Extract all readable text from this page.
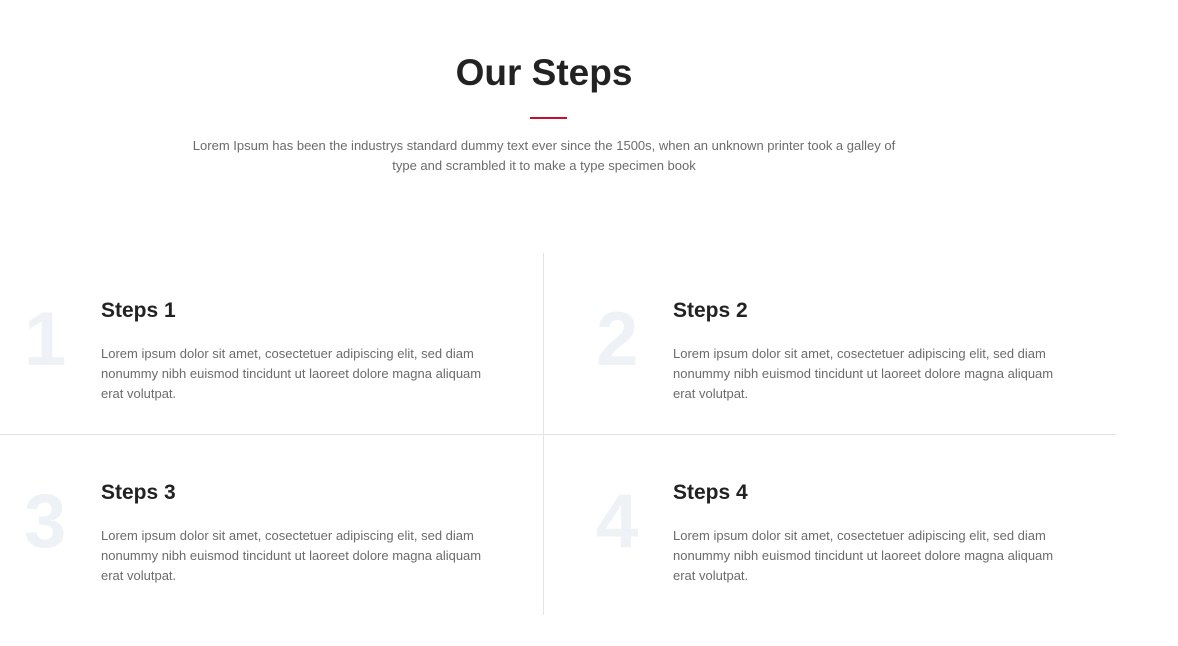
Our Steps

Lorem Ipsum has been the industrys standard dummy text ever since the 1500s, when an unknown printer took a galley of type and scrambled it to make a type specimen book

1 Steps 1

Lorem ipsum dolor sit amet, cosectetuer adipiscing elit, sed diam nonummy nibh euismod tincidunt ut laoreet dolore magna aliquam erat volutpat.

2 Steps 2

Lorem ipsum dolor sit amet, cosectetuer adipiscing elit, sed diam nonummy nibh euismod tincidunt ut laoreet dolore magna aliquam erat volutpat.

3 Steps 3

Lorem ipsum dolor sit amet, cosectetuer adipiscing elit, sed diam nonummy nibh euismod tincidunt ut laoreet dolore magna aliquam erat volutpat.

4 Steps 4

Lorem ipsum dolor sit amet, cosectetuer adipiscing elit, sed diam nonummy nibh euismod tincidunt ut laoreet dolore magna aliquam erat volutpat.
